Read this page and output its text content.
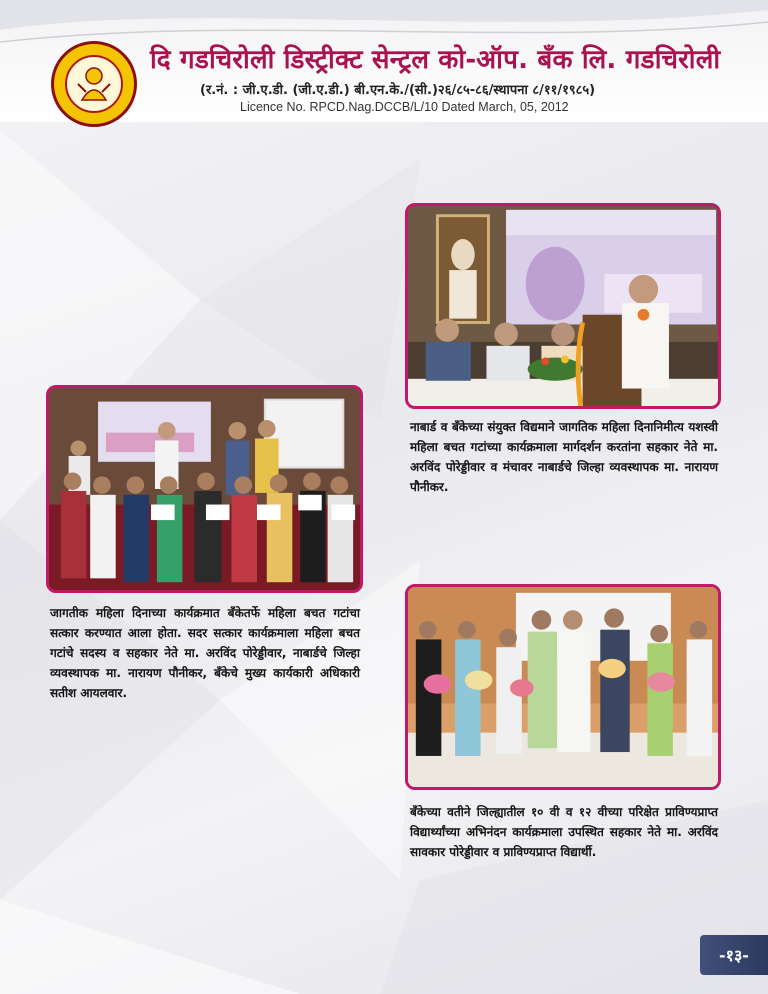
दि गडचिरोली डिस्ट्रीक्ट सेन्ट्रल को-ऑप. बँक लि. गडचिरोली
(र.नं. : जी.ए.डी. (जी.ए.डी.) बी.एन.के./(सी.)२६/८५-८६/स्थापना ८/११/१९८५)
Licence No. RPCD.Nag.DCCB/L/10 Dated March, 05, 2012
नाबार्ड व बँकेच्या संयुक्त विद्यमाने जागतिक महिला दिनानिमीत्य यशस्वी महिला बचत गटांच्या कार्यक्रमाला मार्गदर्शन करतांना सहकार नेते मा. अरविंद पोरेड्डीवार व मंचावर नाबार्डचे जिल्हा व्यवस्थापक मा. नारायण पौनीकर.
जागतीक महिला दिनाच्या कार्यक्रमात बँकेतर्फे महिला बचत गटांचा सत्कार करण्यात आला होता. सदर सत्कार कार्यक्रमाला महिला बचत गटांचे सदस्य व सहकार नेते मा. अरविंद पोरेड्डीवार, नाबार्डचे जिल्हा व्यवस्थापक मा. नारायण पौनीकर, बँकेचे मुख्य कार्यकारी अधिकारी सतीश आयलवार.
बँकेच्या वतीने जिल्ह्यातील १० वी व १२ वीच्या परिक्षेत प्राविण्यप्राप्त विद्यार्थ्यांच्या अभिनंदन कार्यक्रमाला उपस्थित सहकार नेते मा. अरविंद सावकार पोरेड्डीवार व प्राविण्यप्राप्त विद्यार्थी.
-१३-
